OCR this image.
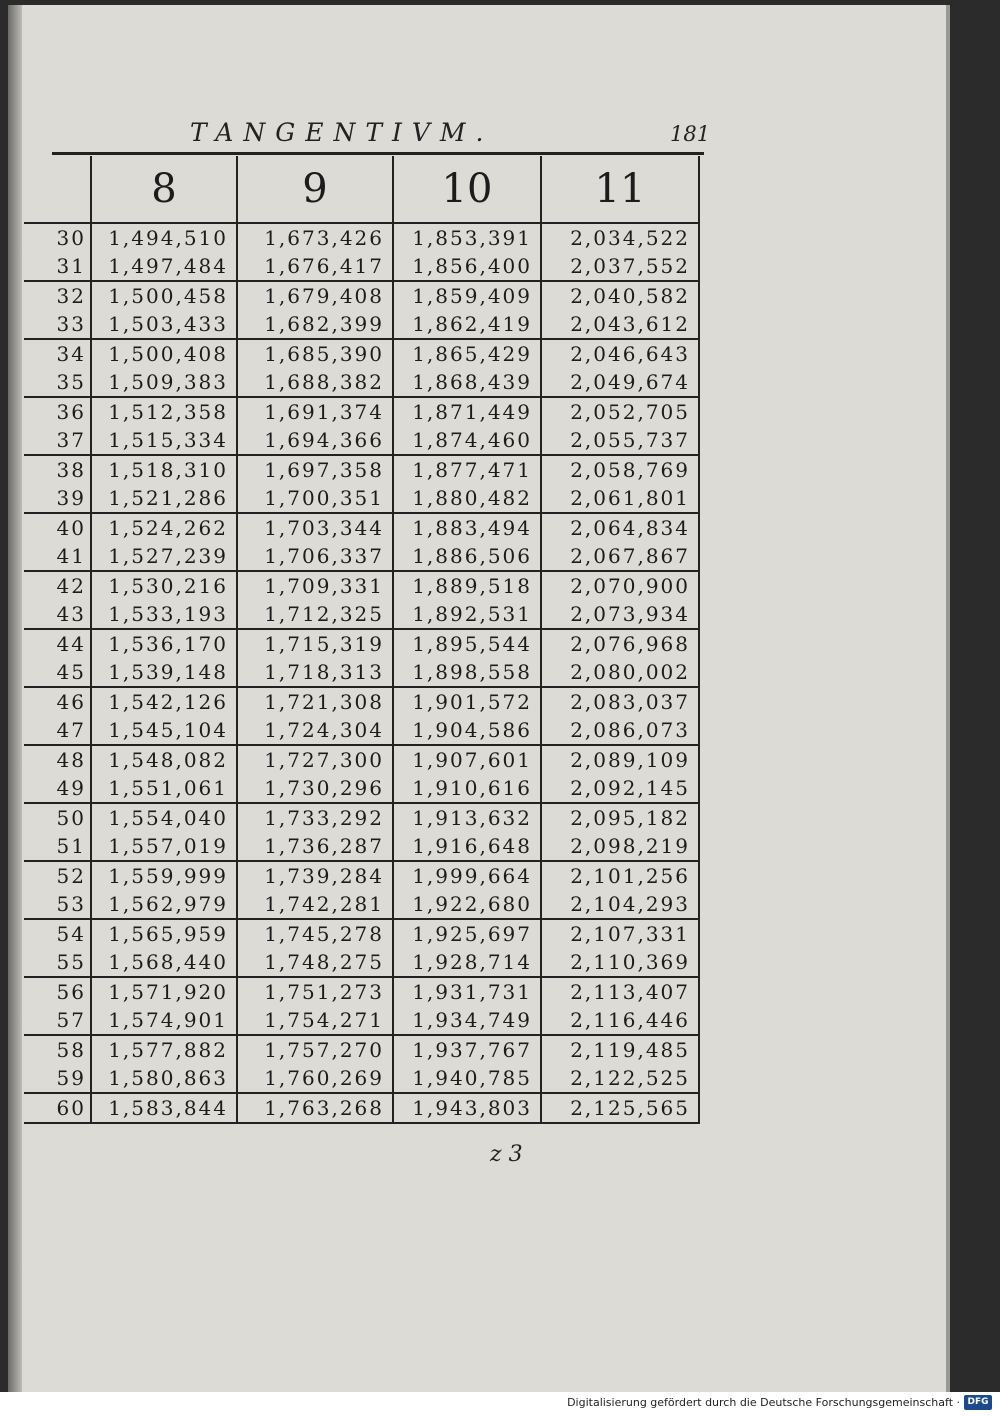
TANGENTIVM.	181
	8	9	10	11
30	1,494,510	1,673,426	1,853,391	2,034,522
31	1,497,484	1,676,417	1,856,400	2,037,552
32	1,500,458	1,679,408	1,859,409	2,040,582
33	1,503,433	1,682,399	1,862,419	2,043,612
34	1,500,408	1,685,390	1,865,429	2,046,643
35	1,509,383	1,688,382	1,868,439	2,049,674
36	1,512,358	1,691,374	1,871,449	2,052,705
37	1,515,334	1,694,366	1,874,460	2,055,737
38	1,518,310	1,697,358	1,877,471	2,058,769
39	1,521,286	1,700,351	1,880,482	2,061,801
40	1,524,262	1,703,344	1,883,494	2,064,834
41	1,527,239	1,706,337	1,886,506	2,067,867
42	1,530,216	1,709,331	1,889,518	2,070,900
43	1,533,193	1,712,325	1,892,531	2,073,934
44	1,536,170	1,715,319	1,895,544	2,076,968
45	1,539,148	1,718,313	1,898,558	2,080,002
46	1,542,126	1,721,308	1,901,572	2,083,037
47	1,545,104	1,724,304	1,904,586	2,086,073
48	1,548,082	1,727,300	1,907,601	2,089,109
49	1,551,061	1,730,296	1,910,616	2,092,145
50	1,554,040	1,733,292	1,913,632	2,095,182
51	1,557,019	1,736,287	1,916,648	2,098,219
52	1,559,999	1,739,284	1,999,664	2,101,256
53	1,562,979	1,742,281	1,922,680	2,104,293
54	1,565,959	1,745,278	1,925,697	2,107,331
55	1,568,440	1,748,275	1,928,714	2,110,369
56	1,571,920	1,751,273	1,931,731	2,113,407
57	1,574,901	1,754,271	1,934,749	2,116,446
58	1,577,882	1,757,270	1,937,767	2,119,485
59	1,580,863	1,760,269	1,940,785	2,122,525
60	1,583,844	1,763,268	1,943,803	2,125,565
z 3
Digitalisierung gefördert durch die Deutsche Forschungsgemeinschaft · DFG
